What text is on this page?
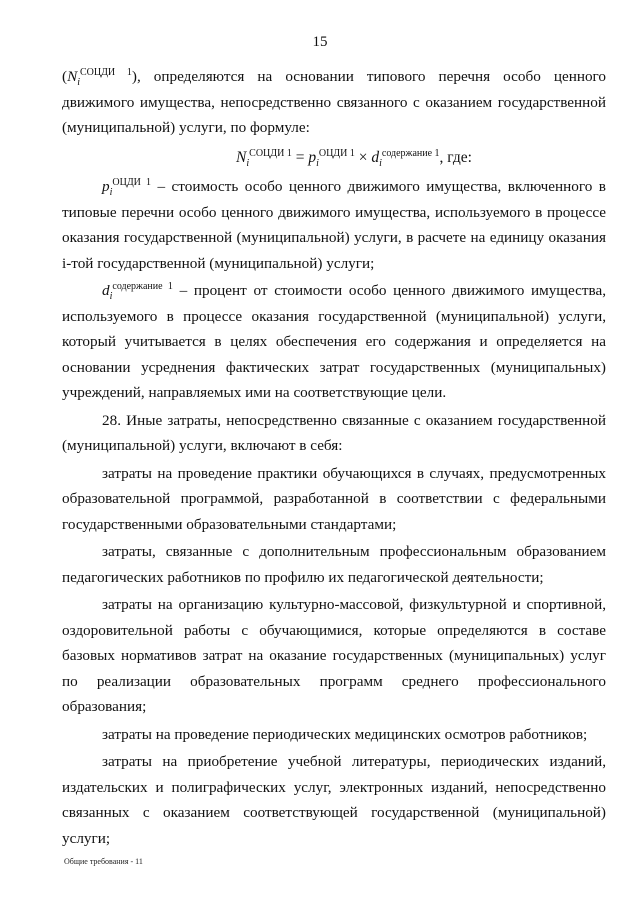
15

$(N_i^{СОЦДИ 1})$, определяются на основании типового перечня особо ценного движимого имущества, непосредственно связанного с оказанием государственной (муниципальной) услуги, по формуле:

$N_i^{СОЦДИ 1} = p_i^{ОЦДИ 1} \times d_i^{содержание 1}$, где:

$p_i^{ОЦДИ 1}$ – стоимость особо ценного движимого имущества, включенного в типовые перечни особо ценного движимого имущества, используемого в процессе оказания государственной (муниципальной) услуги, в расчете на единицу оказания i-той государственной (муниципальной) услуги;

$d_i^{содержание 1}$ – процент от стоимости особо ценного движимого имущества, используемого в процессе оказания государственной (муниципальной) услуги, который учитывается в целях обеспечения его содержания и определяется на основании усреднения фактических затрат государственных (муниципальных) учреждений, направляемых ими на соответствующие цели.

28. Иные затраты, непосредственно связанные с оказанием государственной (муниципальной) услуги, включают в себя:

затраты на проведение практики обучающихся в случаях, предусмотренных образовательной программой, разработанной в соответствии с федеральными государственными образовательными стандартами;

затраты, связанные с дополнительным профессиональным образованием педагогических работников по профилю их педагогической деятельности;

затраты на организацию культурно-массовой, физкультурной и спортивной, оздоровительной работы с обучающимися, которые определяются в составе базовых нормативов затрат на оказание государственных (муниципальных) услуг по реализации образовательных программ среднего профессионального образования;

затраты на проведение периодических медицинских осмотров работников;

затраты на приобретение учебной литературы, периодических изданий, издательских и полиграфических услуг, электронных изданий, непосредственно связанных с оказанием соответствующей государственной (муниципальной) услуги;

Общие требования - 11
